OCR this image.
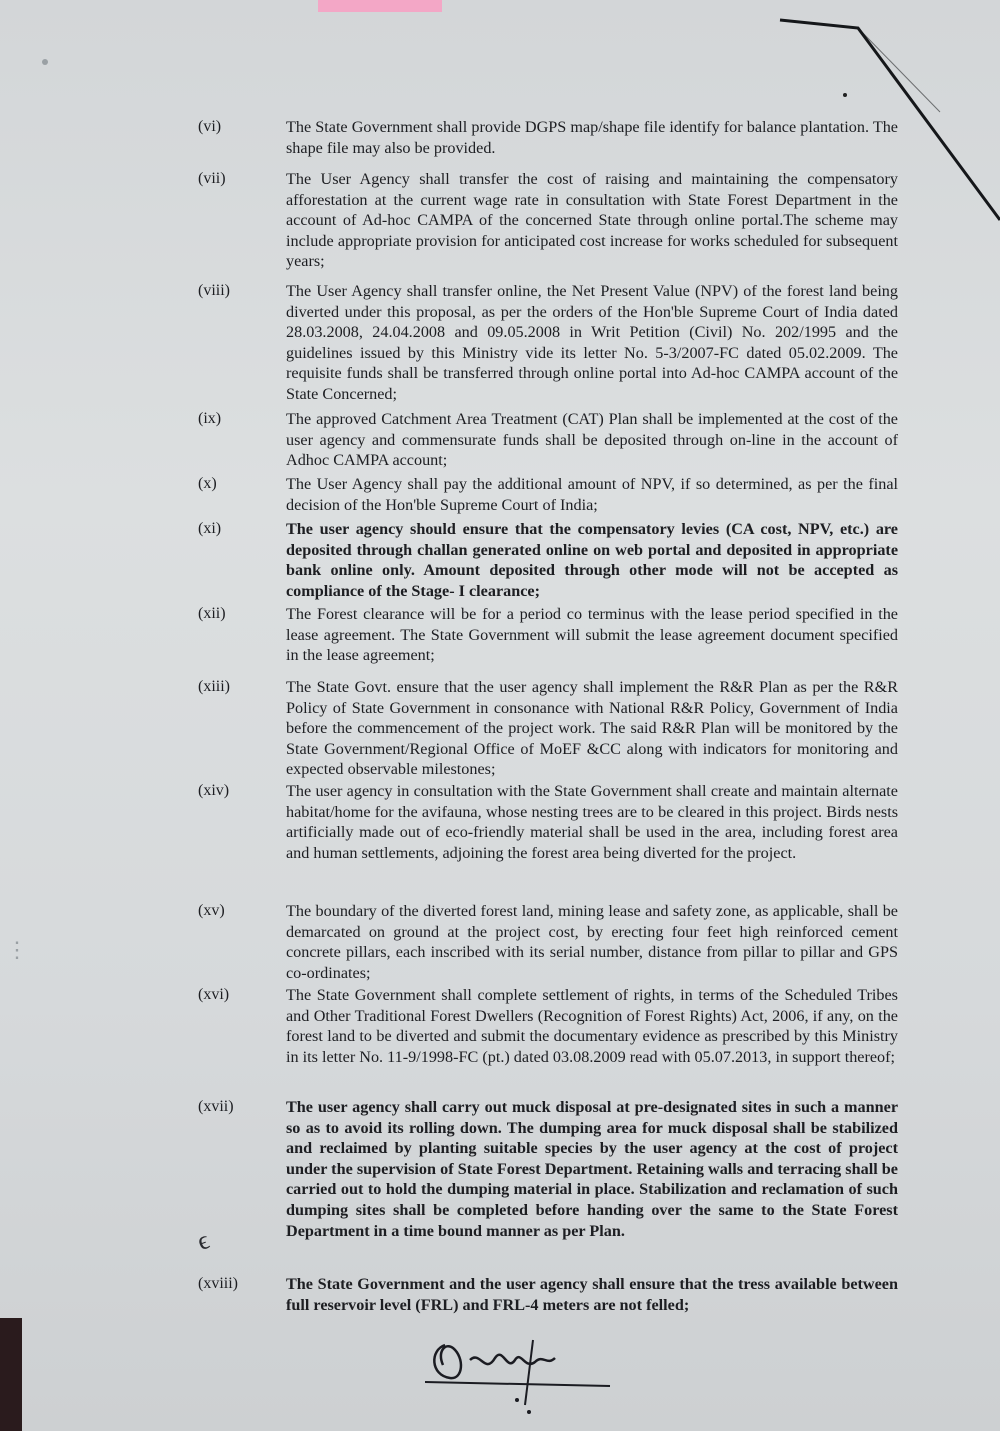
⋮
(vi)	The State Government shall provide DGPS map/shape file identify for balance plantation. The shape file may also be provided.
(vii)	The User Agency shall transfer the cost of raising and maintaining the compensatory afforestation at the current wage rate in consultation with State Forest Department in the account of Ad-hoc CAMPA of the concerned State through online portal.The scheme may include appropriate provision for anticipated cost increase for works scheduled for subsequent years;
(viii)	The User Agency shall transfer online, the Net Present Value (NPV) of the forest land being diverted under this proposal, as per the orders of the Hon'ble Supreme Court of India dated 28.03.2008, 24.04.2008 and 09.05.2008 in Writ Petition (Civil) No. 202/1995 and the guidelines issued by this Ministry vide its letter No. 5-3/2007-FC dated 05.02.2009. The requisite funds shall be transferred through online portal into Ad-hoc CAMPA account of the State Concerned;
(ix)	The approved Catchment Area Treatment (CAT) Plan shall be implemented at the cost of the user agency and commensurate funds shall be deposited through on-line in the account of Adhoc CAMPA account;
(x)	The User Agency shall pay the additional amount of NPV, if so determined, as per the final decision of the Hon'ble Supreme Court of India;
(xi)	The user agency should ensure that the compensatory levies (CA cost, NPV, etc.) are deposited through challan generated online on web portal and deposited in appropriate bank online only. Amount deposited through other mode will not be accepted as compliance of the Stage- I clearance;
(xii)	The Forest clearance will be for a period co terminus with the lease period specified in the lease agreement. The State Government will submit the lease agreement document specified in the lease agreement;
(xiii)	The State Govt. ensure that the user agency shall implement the R&R Plan as per the R&R Policy of State Government in consonance with National R&R Policy, Government of India before the commencement of the project work. The said R&R Plan will be monitored by the State Government/Regional Office of MoEF &CC along with indicators for monitoring and expected observable milestones;
(xiv)	The user agency in consultation with the State Government shall create and maintain alternate habitat/home for the avifauna, whose nesting trees are to be cleared in this project. Birds nests artificially made out of eco-friendly material shall be used in the area, including forest area and human settlements, adjoining the forest area being diverted for the project.
(xv)	The boundary of the diverted forest land, mining lease and safety zone, as applicable, shall be demarcated on ground at the project cost, by erecting four feet high reinforced cement concrete pillars, each inscribed with its serial number, distance from pillar to pillar and GPS co-ordinates;
(xvi)	The State Government shall complete settlement of rights, in terms of the Scheduled Tribes and Other Traditional Forest Dwellers (Recognition of Forest Rights) Act, 2006, if any, on the forest land to be diverted and submit the documentary evidence as prescribed by this Ministry in its letter No. 11-9/1998-FC (pt.) dated 03.08.2009 read with 05.07.2013, in support thereof;
(xvii)	The user agency shall carry out muck disposal at pre-designated sites in such a manner so as to avoid its rolling down. The dumping area for muck disposal shall be stabilized and reclaimed by planting suitable species by the user agency at the cost of project under the supervision of State Forest Department. Retaining walls and terracing shall be carried out to hold the dumping material in place. Stabilization and reclamation of such dumping sites shall be completed before handing over the same to the State Forest Department in a time bound manner as per Plan.
(xviii)	The State Government and the user agency shall ensure that the tress available between full reservoir level (FRL) and FRL-4 meters are not felled;
ϵ
